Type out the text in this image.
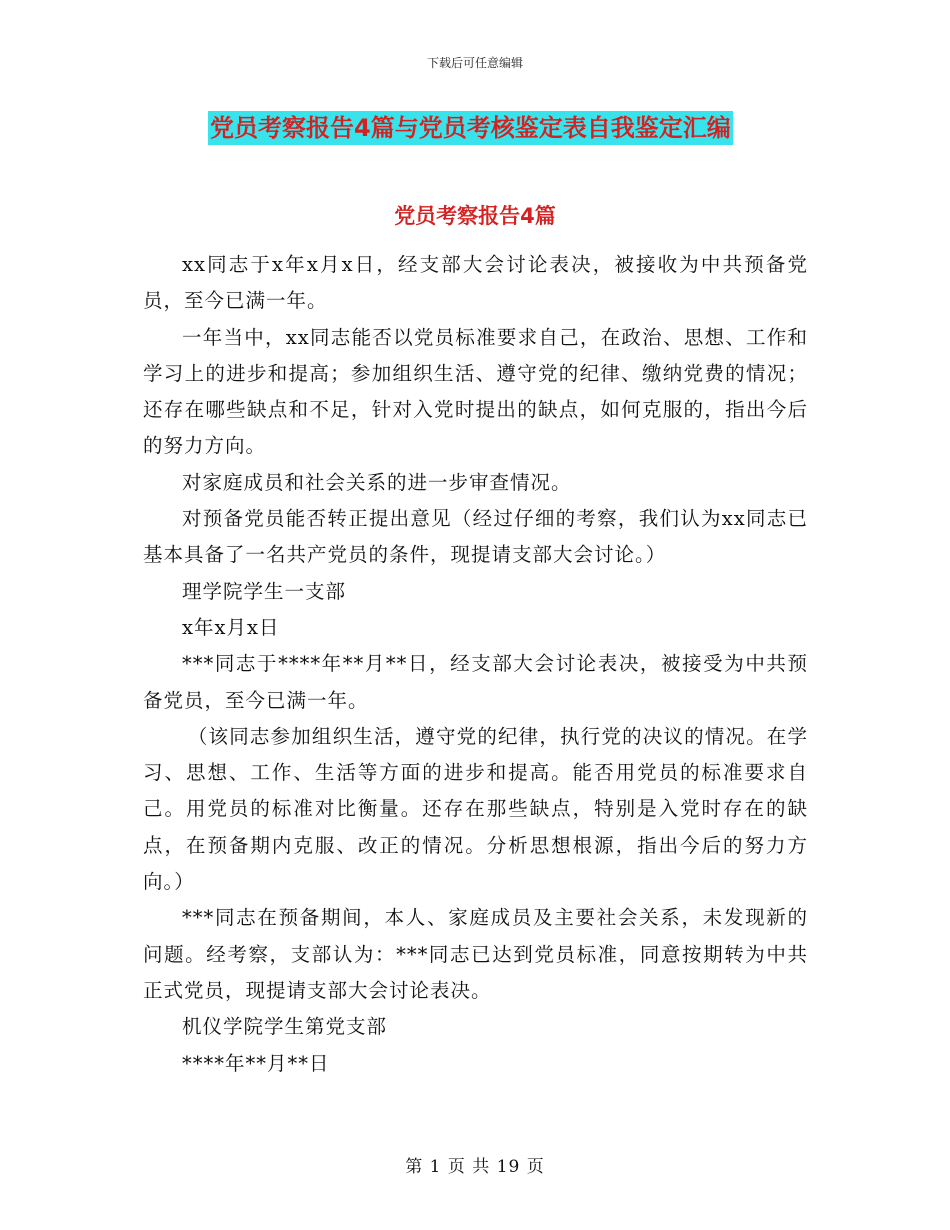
下载后可任意编辑
党员考察报告4篇与党员考核鉴定表自我鉴定汇编
党员考察报告4篇

xx同志于x年x月x日，经支部大会讨论表决，被接收为中共预备党员，至今已满一年。

一年当中，xx同志能否以党员标准要求自己，在政治、思想、工作和学习上的进步和提高；参加组织生活、遵守党的纪律、缴纳党费的情况；还存在哪些缺点和不足，针对入党时提出的缺点，如何克服的，指出今后的努力方向。

对家庭成员和社会关系的进一步审查情况。

对预备党员能否转正提出意见（经过仔细的考察，我们认为xx同志已基本具备了一名共产党员的条件，现提请支部大会讨论。）

理学院学生一支部

x年x月x日

***同志于****年**月**日，经支部大会讨论表决，被接受为中共预备党员，至今已满一年。

（该同志参加组织生活，遵守党的纪律，执行党的决议的情况。在学习、思想、工作、生活等方面的进步和提高。能否用党员的标准要求自己。用党员的标准对比衡量。还存在那些缺点，特别是入党时存在的缺点，在预备期内克服、改正的情况。分析思想根源，指出今后的努力方向。）

***同志在预备期间，本人、家庭成员及主要社会关系，未发现新的问题。经考察，支部认为：***同志已达到党员标准，同意按期转为中共正式党员，现提请支部大会讨论表决。

机仪学院学生第党支部

****年**月**日

第 1 页 共 19 页
